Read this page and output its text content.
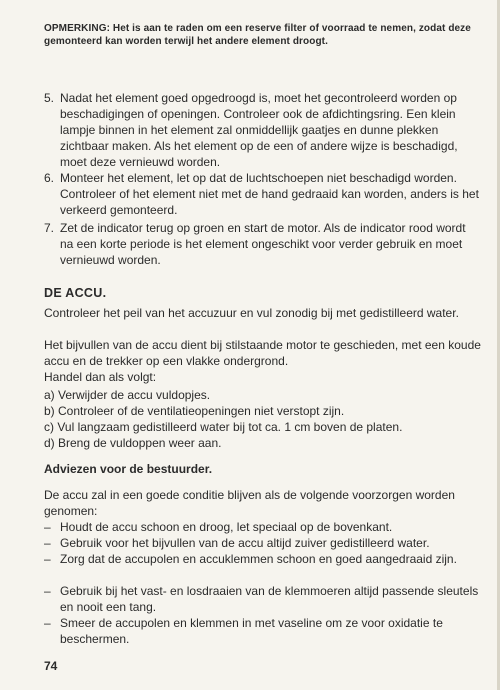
OPMERKING: Het is aan te raden om een reserve filter of voorraad te nemen, zodat deze gemonteerd kan worden terwijl het andere element droogt.
5. Nadat het element goed opgedroogd is, moet het gecontroleerd worden op beschadigingen of openingen. Controleer ook de afdichtingsring. Een klein lampje binnen in het element zal onmiddellijk gaatjes en dunne plekken zichtbaar maken. Als het element op de een of andere wijze is beschadigd, moet deze vernieuwd worden.
6. Monteer het element, let op dat de luchtschoepen niet beschadigd worden. Controleer of het element niet met de hand gedraaid kan worden, anders is het verkeerd gemonteerd.
7. Zet de indicator terug op groen en start de motor. Als de indicator rood wordt na een korte periode is het element ongeschikt voor verder gebruik en moet vernieuwd worden.
DE ACCU.
Controleer het peil van het accuzuur en vul zonodig bij met gedistilleerd water.
Het bijvullen van de accu dient bij stilstaande motor te geschieden, met een koude accu en de trekker op een vlakke ondergrond.
Handel dan als volgt:
a) Verwijder de accu vuldopjes.
b) Controleer of de ventilatieopeningen niet verstopt zijn.
c) Vul langzaam gedistilleerd water bij tot ca. 1 cm boven de platen.
d) Breng de vuldoppen weer aan.
Adviezen voor de bestuurder.
De accu zal in een goede conditie blijven als de volgende voorzorgen worden genomen:
– Houdt de accu schoon en droog, let speciaal op de bovenkant.
– Gebruik voor het bijvullen van de accu altijd zuiver gedistilleerd water.
– Zorg dat de accupolen en accuklemmen schoon en goed aangedraaid zijn.
– Gebruik bij het vast- en losdraaien van de klemmoeren altijd passende sleutels en nooit een tang.
– Smeer de accupolen en klemmen in met vaseline om ze voor oxidatie te beschermen.
74
